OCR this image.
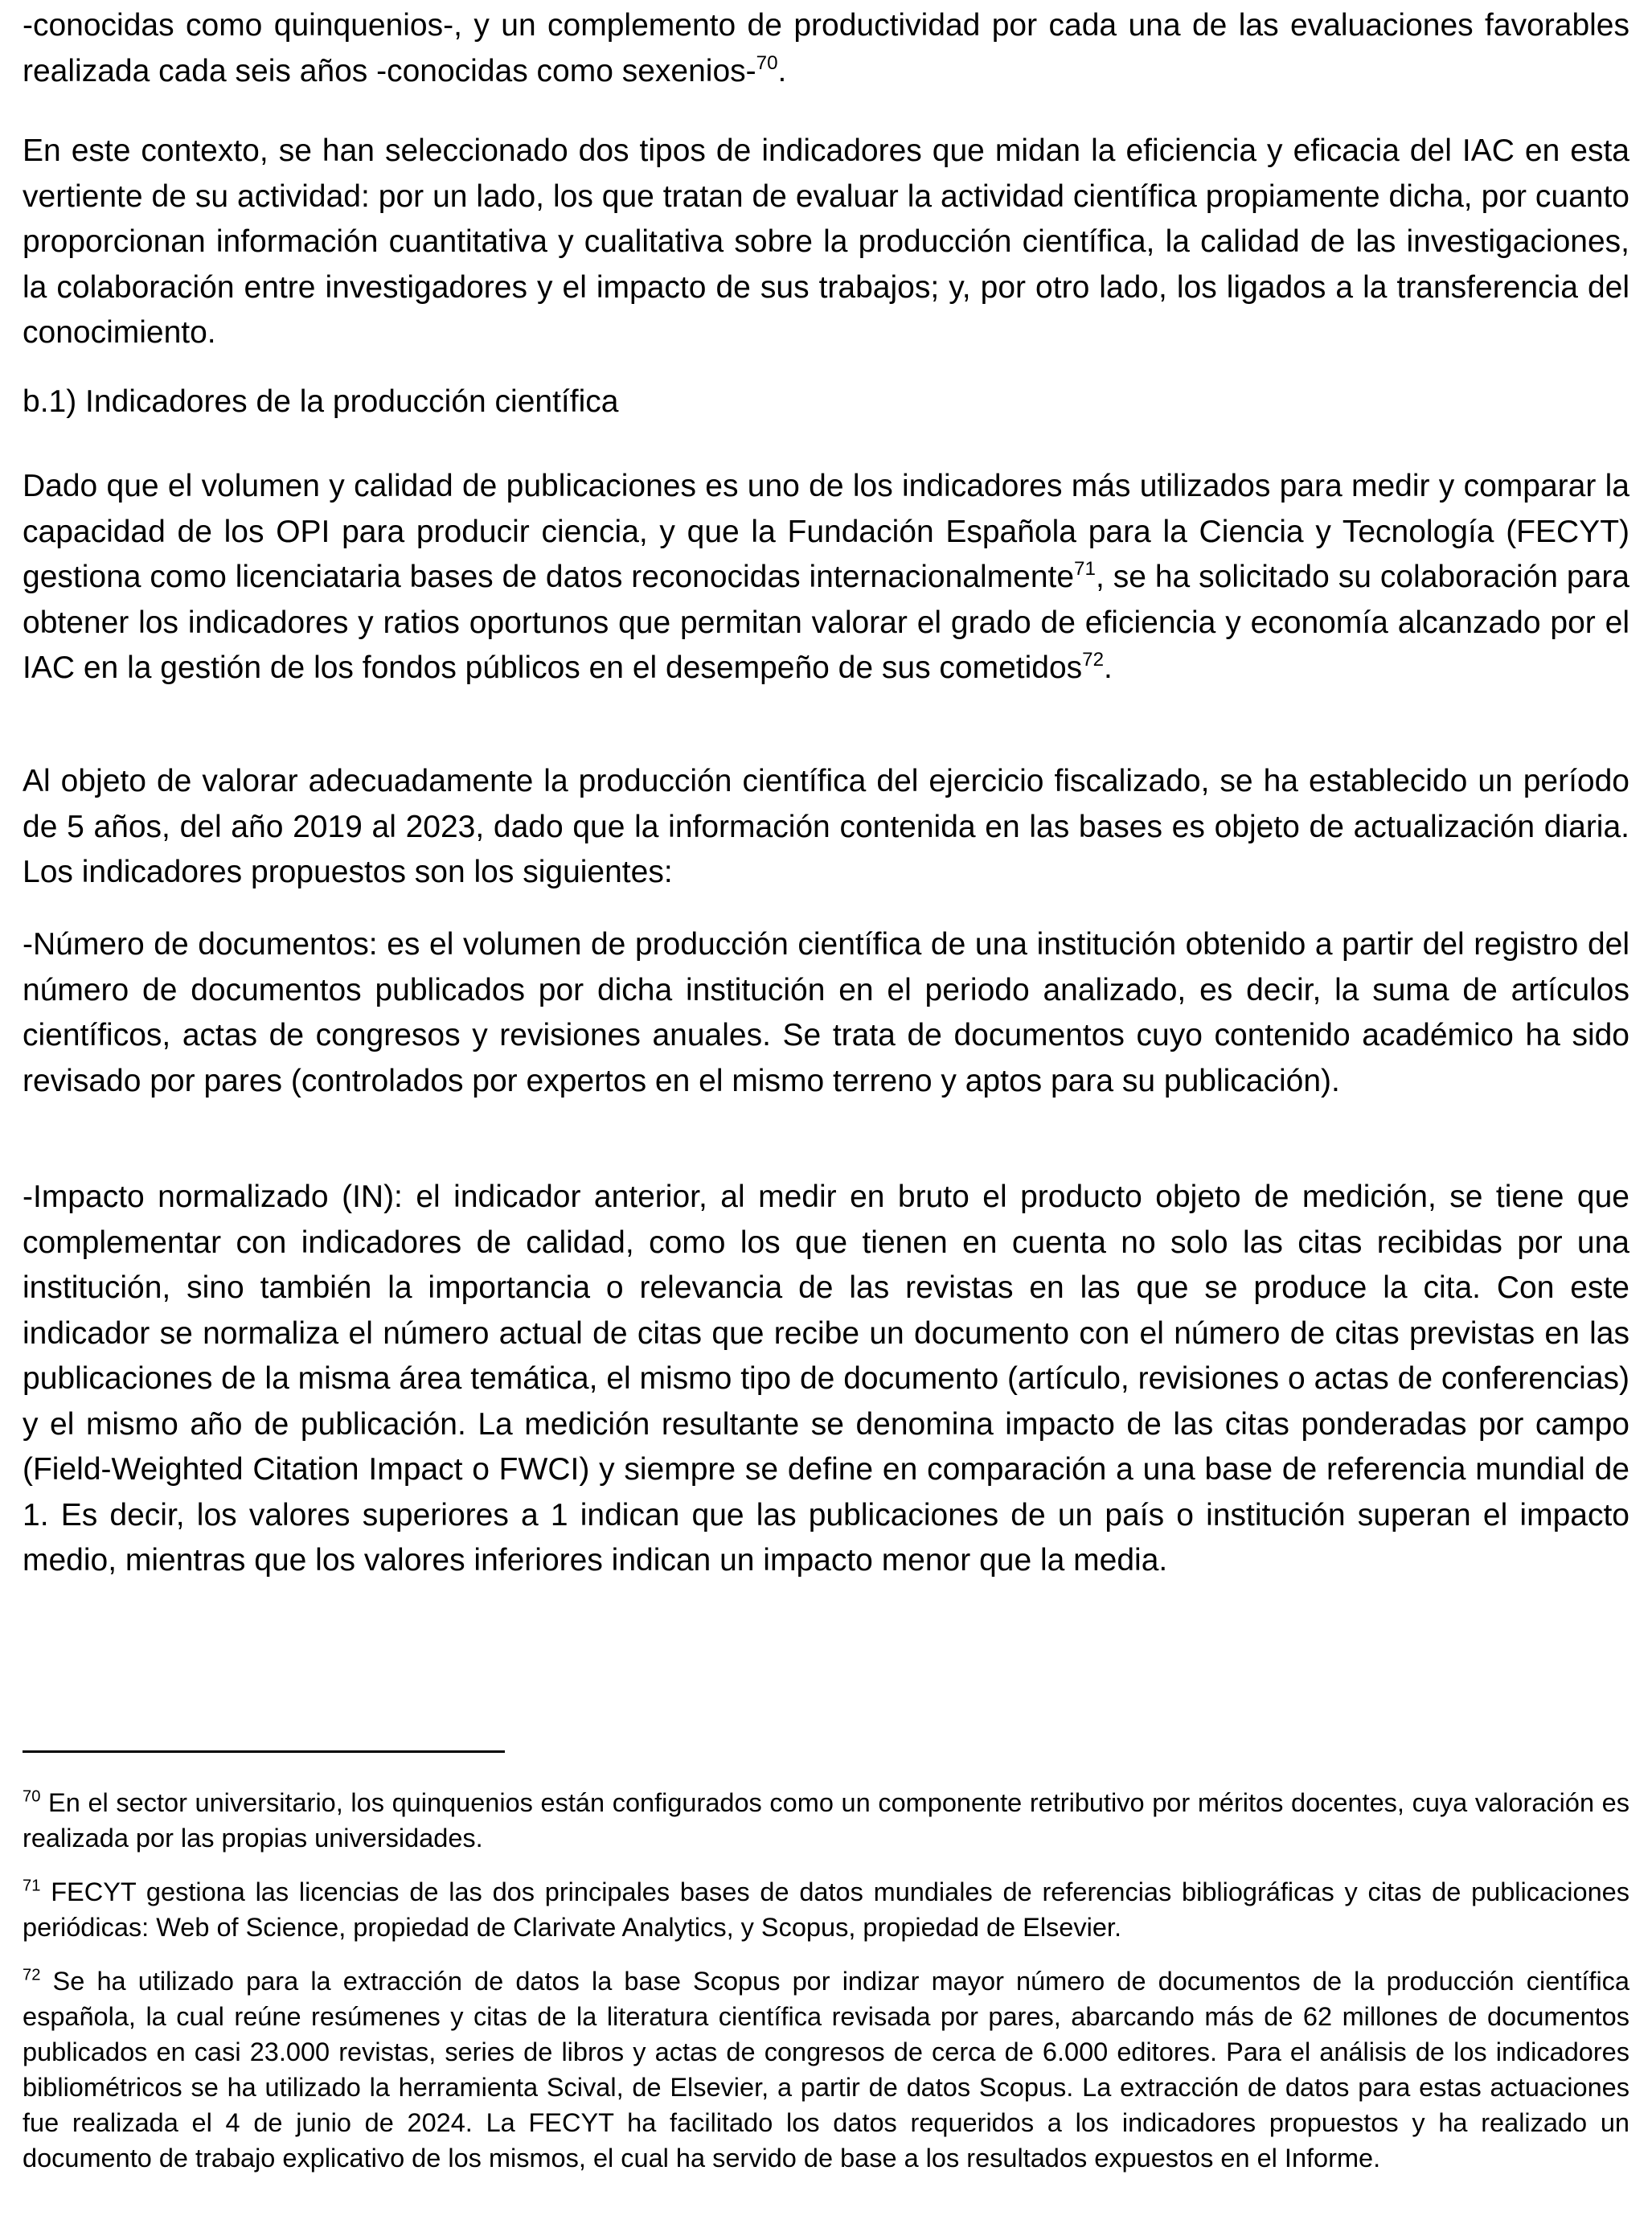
-conocidas como quinquenios-, y un complemento de productividad por cada una de las evaluaciones favorables realizada cada seis años -conocidas como sexenios-$^{70}$.

En este contexto, se han seleccionado dos tipos de indicadores que midan la eficiencia y eficacia del IAC en esta vertiente de su actividad: por un lado, los que tratan de evaluar la actividad científica propiamente dicha, por cuanto proporcionan información cuantitativa y cualitativa sobre la producción científica, la calidad de las investigaciones, la colaboración entre investigadores y el impacto de sus trabajos; y, por otro lado, los ligados a la transferencia del conocimiento.

b.1) Indicadores de la producción científica

Dado que el volumen y calidad de publicaciones es uno de los indicadores más utilizados para medir y comparar la capacidad de los OPI para producir ciencia, y que la Fundación Española para la Ciencia y Tecnología (FECYT) gestiona como licenciataria bases de datos reconocidas internacionalmente$^{71}$, se ha solicitado su colaboración para obtener los indicadores y ratios oportunos que permitan valorar el grado de eficiencia y economía alcanzado por el IAC en la gestión de los fondos públicos en el desempeño de sus cometidos$^{72}$.

Al objeto de valorar adecuadamente la producción científica del ejercicio fiscalizado, se ha establecido un período de 5 años, del año 2019 al 2023, dado que la información contenida en las bases es objeto de actualización diaria. Los indicadores propuestos son los siguientes:

-Número de documentos: es el volumen de producción científica de una institución obtenido a partir del registro del número de documentos publicados por dicha institución en el periodo analizado, es decir, la suma de artículos científicos, actas de congresos y revisiones anuales. Se trata de documentos cuyo contenido académico ha sido revisado por pares (controlados por expertos en el mismo terreno y aptos para su publicación).

-Impacto normalizado (IN): el indicador anterior, al medir en bruto el producto objeto de medición, se tiene que complementar con indicadores de calidad, como los que tienen en cuenta no solo las citas recibidas por una institución, sino también la importancia o relevancia de las revistas en las que se produce la cita. Con este indicador se normaliza el número actual de citas que recibe un documento con el número de citas previstas en las publicaciones de la misma área temática, el mismo tipo de documento (artículo, revisiones o actas de conferencias) y el mismo año de publicación. La medición resultante se denomina impacto de las citas ponderadas por campo (Field-Weighted Citation Impact o FWCI) y siempre se define en comparación a una base de referencia mundial de 1. Es decir, los valores superiores a 1 indican que las publicaciones de un país o institución superan el impacto medio, mientras que los valores inferiores indican un impacto menor que la media.

$^{70}$ En el sector universitario, los quinquenios están configurados como un componente retributivo por méritos docentes, cuya valoración es realizada por las propias universidades.

$^{71}$ FECYT gestiona las licencias de las dos principales bases de datos mundiales de referencias bibliográficas y citas de publicaciones periódicas: Web of Science, propiedad de Clarivate Analytics, y Scopus, propiedad de Elsevier.

$^{72}$ Se ha utilizado para la extracción de datos la base Scopus por indizar mayor número de documentos de la producción científica española, la cual reúne resúmenes y citas de la literatura científica revisada por pares, abarcando más de 62 millones de documentos publicados en casi 23.000 revistas, series de libros y actas de congresos de cerca de 6.000 editores. Para el análisis de los indicadores bibliométricos se ha utilizado la herramienta Scival, de Elsevier, a partir de datos Scopus. La extracción de datos para estas actuaciones fue realizada el 4 de junio de 2024. La FECYT ha facilitado los datos requeridos a los indicadores propuestos y ha realizado un documento de trabajo explicativo de los mismos, el cual ha servido de base a los resultados expuestos en el Informe.
